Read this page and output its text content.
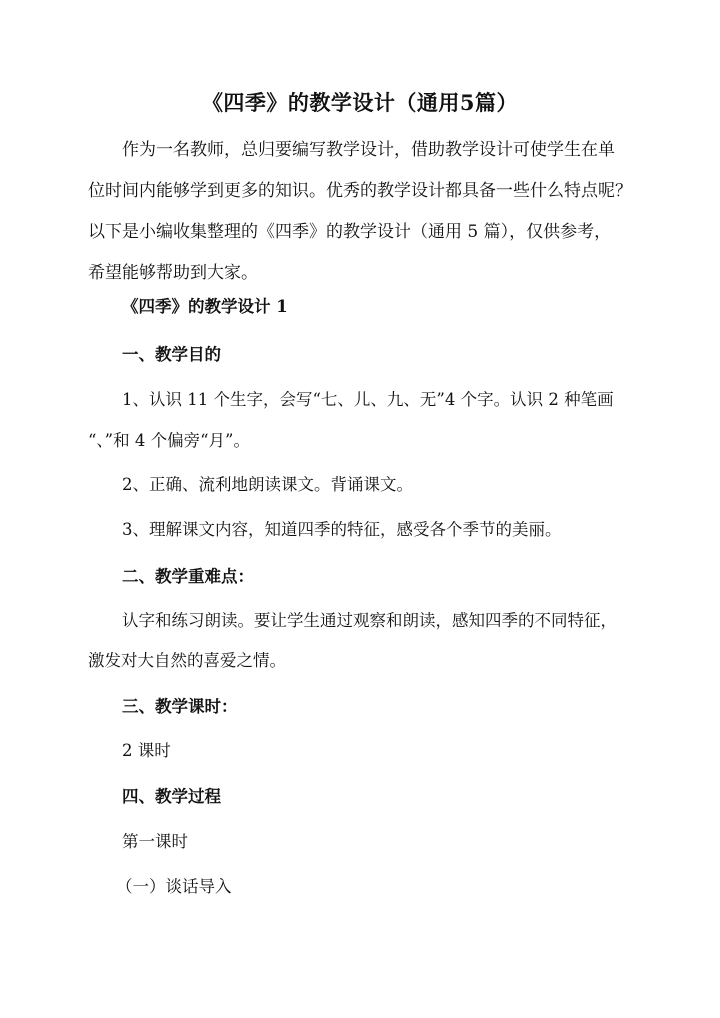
《四季》的教学设计（通用5篇）
作为一名教师，总归要编写教学设计，借助教学设计可使学生在单
位时间内能够学到更多的知识。优秀的教学设计都具备一些什么特点呢？
以下是小编收集整理的《四季》的教学设计（通用 5 篇），仅供参考，
希望能够帮助到大家。
《四季》的教学设计 1
一、教学目的
1、认识 11 个生字，会写“七、儿、九、无”4 个字。认识 2 种笔画
“、”和 4 个偏旁“月”。
2、正确、流利地朗读课文。背诵课文。
3、理解课文内容，知道四季的特征，感受各个季节的美丽。
二、教学重难点：
认字和练习朗读。要让学生通过观察和朗读，感知四季的不同特征，
激发对大自然的喜爱之情。
三、教学课时：
2 课时
四、教学过程
第一课时
（一）谈话导入
